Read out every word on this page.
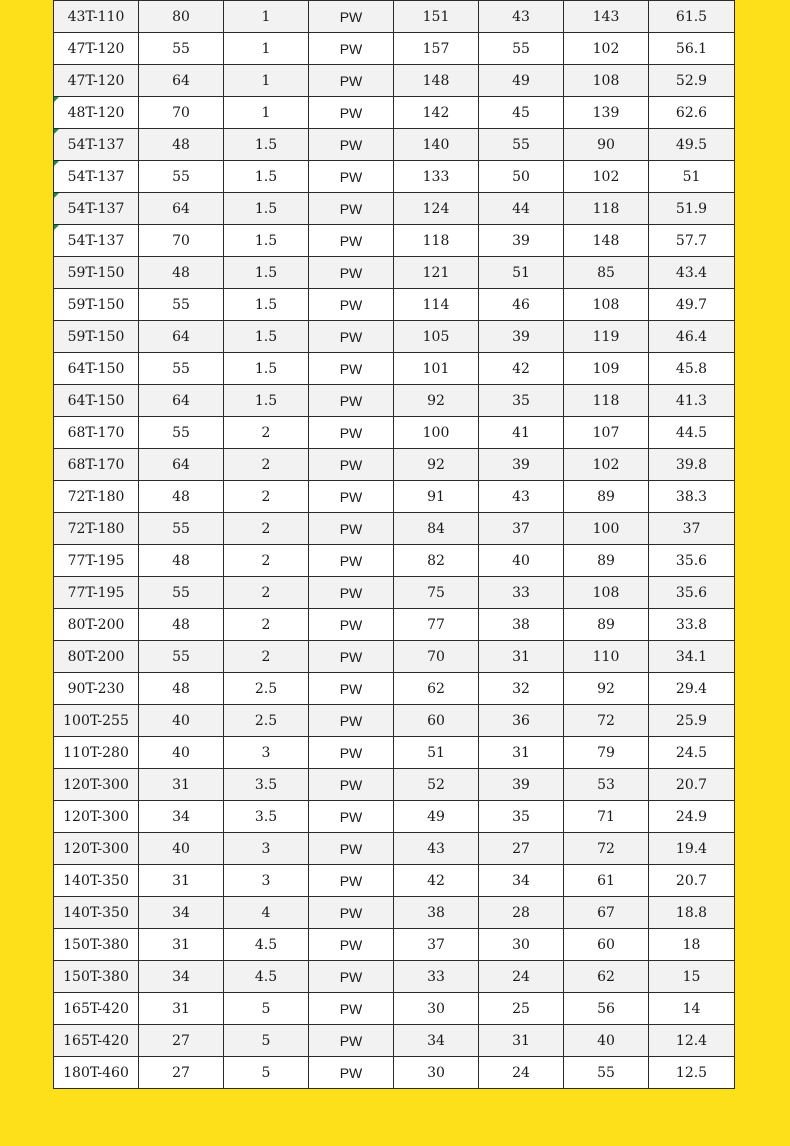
43T-110	80	1	PW	151	43	143	61.5
47T-120	55	1	PW	157	55	102	56.1
47T-120	64	1	PW	148	49	108	52.9
48T-120	70	1	PW	142	45	139	62.6
54T-137	48	1.5	PW	140	55	90	49.5
54T-137	55	1.5	PW	133	50	102	51
54T-137	64	1.5	PW	124	44	118	51.9
54T-137	70	1.5	PW	118	39	148	57.7
59T-150	48	1.5	PW	121	51	85	43.4
59T-150	55	1.5	PW	114	46	108	49.7
59T-150	64	1.5	PW	105	39	119	46.4
64T-150	55	1.5	PW	101	42	109	45.8
64T-150	64	1.5	PW	92	35	118	41.3
68T-170	55	2	PW	100	41	107	44.5
68T-170	64	2	PW	92	39	102	39.8
72T-180	48	2	PW	91	43	89	38.3
72T-180	55	2	PW	84	37	100	37
77T-195	48	2	PW	82	40	89	35.6
77T-195	55	2	PW	75	33	108	35.6
80T-200	48	2	PW	77	38	89	33.8
80T-200	55	2	PW	70	31	110	34.1
90T-230	48	2.5	PW	62	32	92	29.4
100T-255	40	2.5	PW	60	36	72	25.9
110T-280	40	3	PW	51	31	79	24.5
120T-300	31	3.5	PW	52	39	53	20.7
120T-300	34	3.5	PW	49	35	71	24.9
120T-300	40	3	PW	43	27	72	19.4
140T-350	31	3	PW	42	34	61	20.7
140T-350	34	4	PW	38	28	67	18.8
150T-380	31	4.5	PW	37	30	60	18
150T-380	34	4.5	PW	33	24	62	15
165T-420	31	5	PW	30	25	56	14
165T-420	27	5	PW	34	31	40	12.4
180T-460	27	5	PW	30	24	55	12.5
